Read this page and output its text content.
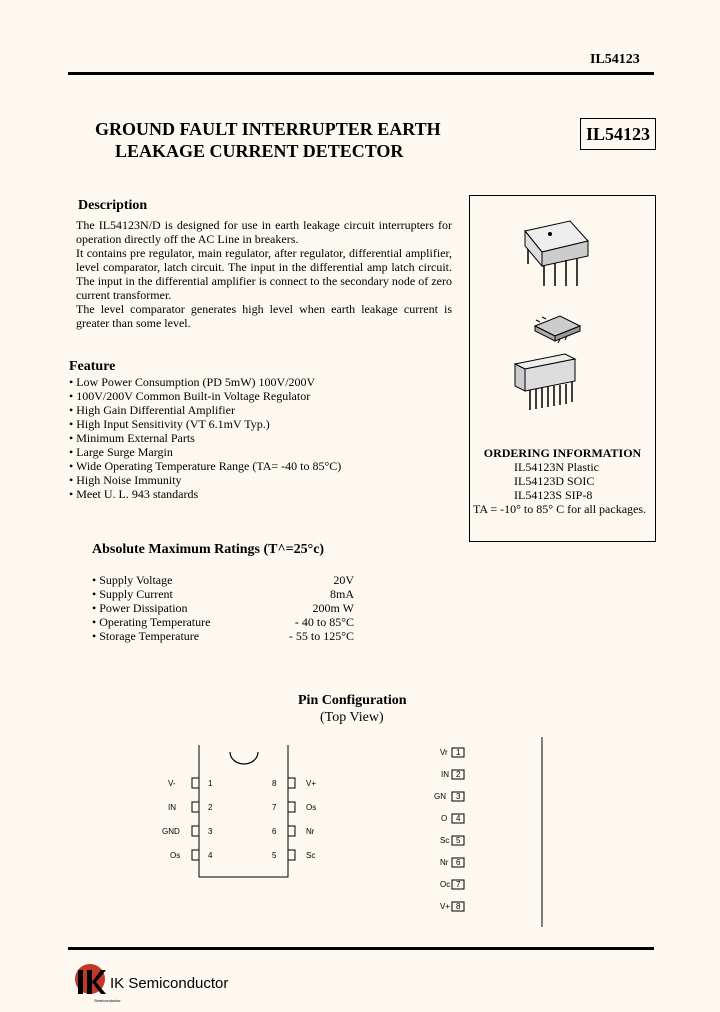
IL54123
GROUND FAULT INTERRUPTER EARTH
LEAKAGE CURRENT DETECTOR
IL54123
Description

The IL54123N/D is designed for use in earth leakage circuit interrupters for operation directly off the AC Line in breakers.

It contains pre regulator, main regulator, after regulator, differential amplifier, level comparator, latch circuit. The input in the differential amp latch circuit. The input in the differential amplifier is connect to the secondary node of zero current transformer.

The level comparator generates high level when earth leakage current is greater than some level.

Feature
• Low Power Consumption (PD 5mW) 100V/200V
• 100V/200V Common Built-in Voltage Regulator
• High Gain Differential Amplifier
• High Input Sensitivity (VT 6.1mV Typ.)
• Minimum External Parts
• Large Surge Margin
• Wide Operating Temperature Range (TA= -40 to 85°C)
• High Noise Immunity
• Meet U. L. 943 standards
ORDERING INFORMATION
IL54123N Plastic
IL54123D SOIC
IL54123S SIP-8
TA = -10° to 85° C for all packages.
Absolute Maximum Ratings (T^=25°c)
• Supply Voltage	20V
• Supply Current	8mA
• Power Dissipation	200m W
• Operating Temperature	- 40 to 85°C
• Storage Temperature	- 55 to 125°C
Pin Configuration
(Top View)
V-	1
IN	2
GND	3
Os	4
8	V+
7	Os
6	Nr
5	Sc
Vr 1
IN 2
GN 3
O 4
Sc 5
Nr 6
Oc 7
V+ 8
Semiconductor
IK Semiconductor
